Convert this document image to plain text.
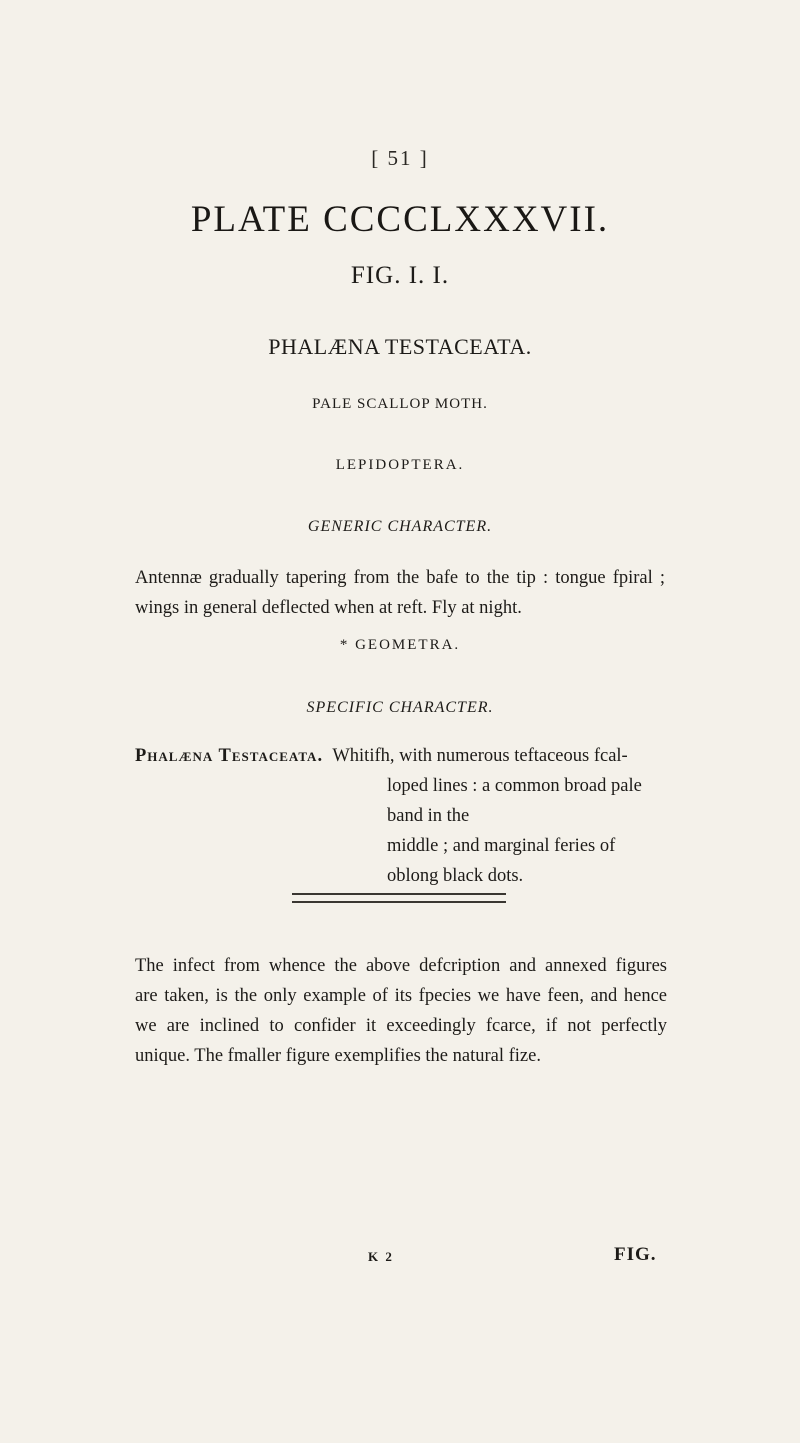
[ 51 ]
PLATE CCCCLXXXVII.
FIG. I. I.
PHALÆNA TESTACEATA.
PALE SCALLOP MOTH.
LEPIDOPTERA.
GENERIC CHARACTER.
Antennæ gradually tapering from the bafe to the tip : tongue fpiral ; wings in general deflected when at reft. Fly at night.
* GEOMETRA.
SPECIFIC CHARACTER.
Phalæna Testaceata. Whitifh, with numerous teftaceous fcal-
loped lines : a common broad pale band in the
middle ; and marginal feries of oblong black dots.
The infect from whence the above defcription and annexed figures
are taken, is the only example of its fpecies we have feen, and hence
we are inclined to confider it exceedingly fcarce, if not perfectly
unique. The fmaller figure exemplifies the natural fize.
K 2	FIG.
